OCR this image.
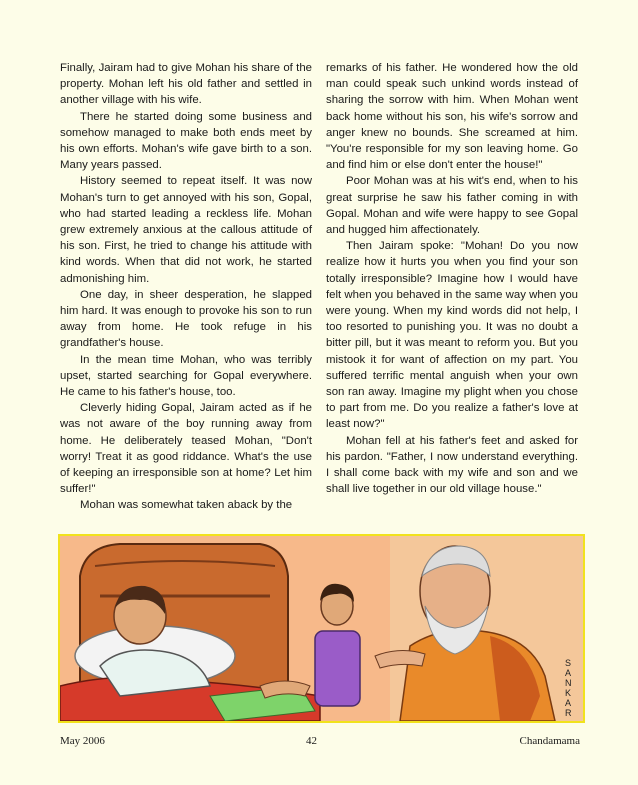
Finally, Jairam had to give Mohan his share of the property. Mohan left his old father and settled in another village with his wife.

There he started doing some business and somehow managed to make both ends meet by his own efforts. Mohan's wife gave birth to a son. Many years passed.

History seemed to repeat itself. It was now Mohan's turn to get annoyed with his son, Gopal, who had started leading a reckless life. Mohan grew extremely anxious at the callous attitude of his son. First, he tried to change his attitude with kind words. When that did not work, he started admonishing him.

One day, in sheer desperation, he slapped him hard. It was enough to provoke his son to run away from home. He took refuge in his grandfather's house.

In the mean time Mohan, who was terribly upset, started searching for Gopal everywhere. He came to his father's house, too.

Cleverly hiding Gopal, Jairam acted as if he was not aware of the boy running away from home. He deliberately teased Mohan, "Don't worry! Treat it as good riddance. What's the use of keeping an irresponsible son at home? Let him suffer!"

Mohan was somewhat taken aback by the

remarks of his father. He wondered how the old man could speak such unkind words instead of sharing the sorrow with him. When Mohan went back home without his son, his wife's sorrow and anger knew no bounds. She screamed at him. "You're responsible for my son leaving home. Go and find him or else don't enter the house!"

Poor Mohan was at his wit's end, when to his great surprise he saw his father coming in with Gopal. Mohan and wife were happy to see Gopal and hugged him affectionately.

Then Jairam spoke: "Mohan! Do you now realize how it hurts you when you find your son totally irresponsible? Imagine how I would have felt when you behaved in the same way when you were young. When my kind words did not help, I too resorted to punishing you. It was no doubt a bitter pill, but it was meant to reform you. But you mistook it for want of affection on my part. You suffered terrific mental anguish when your own son ran away. Imagine my plight when you chose to part from me. Do you realize a father's love at least now?"

Mohan fell at his father's feet and asked for his pardon. "Father, I now understand everything. I shall come back with my wife and son and we shall live together in our old village house."

S A N K A R
May 2006	42	Chandamama
